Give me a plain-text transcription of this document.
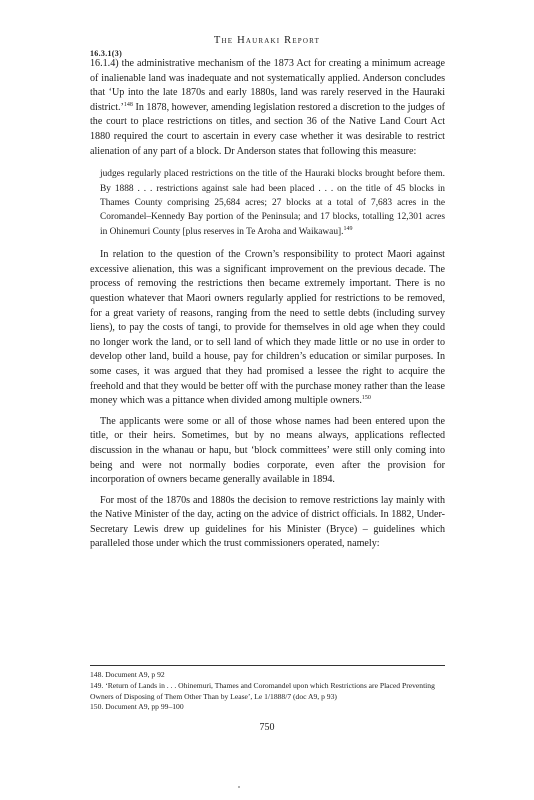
The Hauraki Report
16.3.1(3)

16.1.4) the administrative mechanism of the 1873 Act for creating a minimum acreage of inalienable land was inadequate and not systematically applied. Anderson concludes that ‘Up into the late 1870s and early 1880s, land was rarely reserved in the Hauraki district.’$^{148}$ In 1878, however, amending legislation restored a discretion to the judges of the court to place restrictions on titles, and section 36 of the Native Land Court Act 1880 required the court to ascertain in every case whether it was desirable to restrict alienation of any part of a block. Dr Anderson states that following this measure:

judges regularly placed restrictions on the title of the Hauraki blocks brought before them. By 1888 . . . restrictions against sale had been placed . . . on the title of 45 blocks in Thames County comprising 25,684 acres; 27 blocks at a total of 7,683 acres in the Coromandel–Kennedy Bay portion of the Peninsula; and 17 blocks, totalling 12,301 acres in Ohinemuri County [plus reserves in Te Aroha and Waikawau].$^{149}$

In relation to the question of the Crown’s responsibility to protect Maori against excessive alienation, this was a significant improvement on the previous decade. The process of removing the restrictions then became extremely important. There is no question whatever that Maori owners regularly applied for restrictions to be removed, for a great variety of reasons, ranging from the need to settle debts (including survey liens), to pay the costs of tangi, to provide for themselves in old age when they could no longer work the land, or to sell land of which they made little or no use in order to develop other land, build a house, pay for children’s education or similar purposes. In some cases, it was argued that they had promised a lessee the right to acquire the freehold and that they would be better off with the purchase money rather than the lease money which was a pittance when divided among multiple owners.$^{150}$

The applicants were some or all of those whose names had been entered upon the title, or their heirs. Sometimes, but by no means always, applications reflected discussion in the whanau or hapu, but ‘block committees’ were still only coming into being and were not normally bodies corporate, even after the provision for incorporation of owners became generally available in 1894.

For most of the 1870s and 1880s the decision to remove restrictions lay mainly with the Native Minister of the day, acting on the advice of district officials. In 1882, Under-Secretary Lewis drew up guidelines for his Minister (Bryce) – guidelines which paralleled those under which the trust commissioners operated, namely:

148. Document A9, p 92

149. ‘Return of Lands in . . . Ohinemuri, Thames and Coromandel upon which Restrictions are Placed Preventing Owners of Disposing of Them Other Than by Lease’, Le 1/1888/7 (doc A9, p 93)

150. Document A9, pp 99–100

750
